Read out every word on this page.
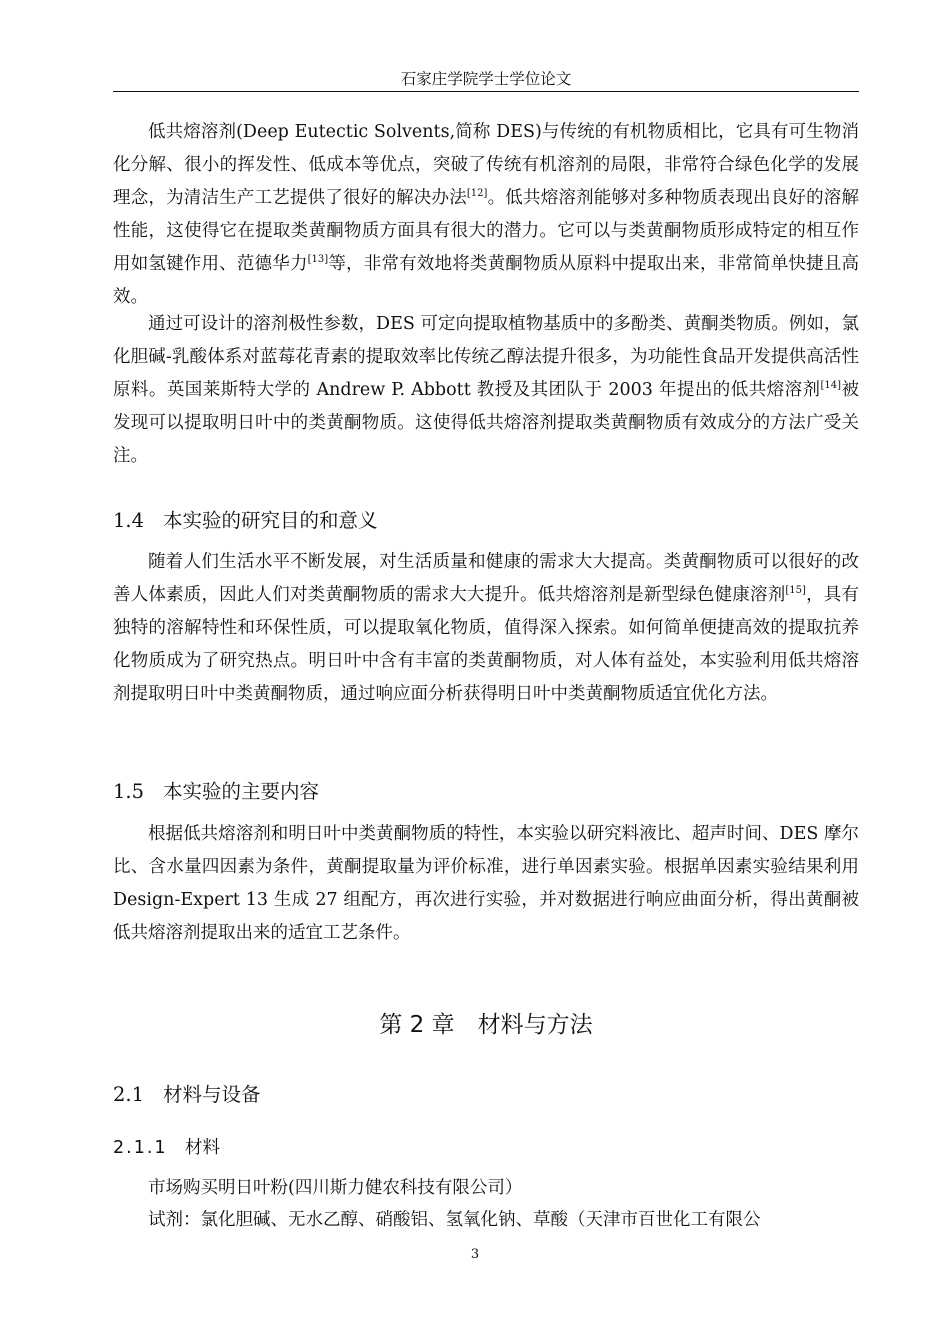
石家庄学院学士学位论文

低共熔溶剂(Deep Eutectic Solvents,简称 DES)与传统的有机物质相比，它具有可生物消化分解、很小的挥发性、低成本等优点，突破了传统有机溶剂的局限，非常符合绿色化学的发展理念，为清洁生产工艺提供了很好的解决办法[12]。低共熔溶剂能够对多种物质表现出良好的溶解性能，这使得它在提取类黄酮物质方面具有很大的潜力。它可以与类黄酮物质形成特定的相互作用如氢键作用、范德华力[13]等，非常有效地将类黄酮物质从原料中提取出来，非常简单快捷且高效。

通过可设计的溶剂极性参数，DES 可定向提取植物基质中的多酚类、黄酮类物质。例如，氯化胆碱-乳酸体系对蓝莓花青素的提取效率比传统乙醇法提升很多，为功能性食品开发提供高活性原料。英国莱斯特大学的 Andrew P. Abbott 教授及其团队于 2003 年提出的低共熔溶剂[14]被发现可以提取明日叶中的类黄酮物质。这使得低共熔溶剂提取类黄酮物质有效成分的方法广受关注。

1.4 本实验的研究目的和意义

随着人们生活水平不断发展，对生活质量和健康的需求大大提高。类黄酮物质可以很好的改善人体素质，因此人们对类黄酮物质的需求大大提升。低共熔溶剂是新型绿色健康溶剂[15]，具有独特的溶解特性和环保性质，可以提取氧化物质，值得深入探索。如何简单便捷高效的提取抗养化物质成为了研究热点。明日叶中含有丰富的类黄酮物质，对人体有益处，本实验利用低共熔溶剂提取明日叶中类黄酮物质，通过响应面分析获得明日叶中类黄酮物质适宜优化方法。

1.5 本实验的主要内容

根据低共熔溶剂和明日叶中类黄酮物质的特性，本实验以研究料液比、超声时间、DES 摩尔比、含水量四因素为条件，黄酮提取量为评价标准，进行单因素实验。根据单因素实验结果利用 Design-Expert 13 生成 27 组配方，再次进行实验，并对数据进行响应曲面分析，得出黄酮被低共熔溶剂提取出来的适宜工艺条件。

第 2 章　材料与方法
2.1 材料与设备
2.1.1 材料
市场购买明日叶粉(四川斯力健农科技有限公司）
试剂：氯化胆碱、无水乙醇、硝酸铝、氢氧化钠、草酸（天津市百世化工有限公
3
